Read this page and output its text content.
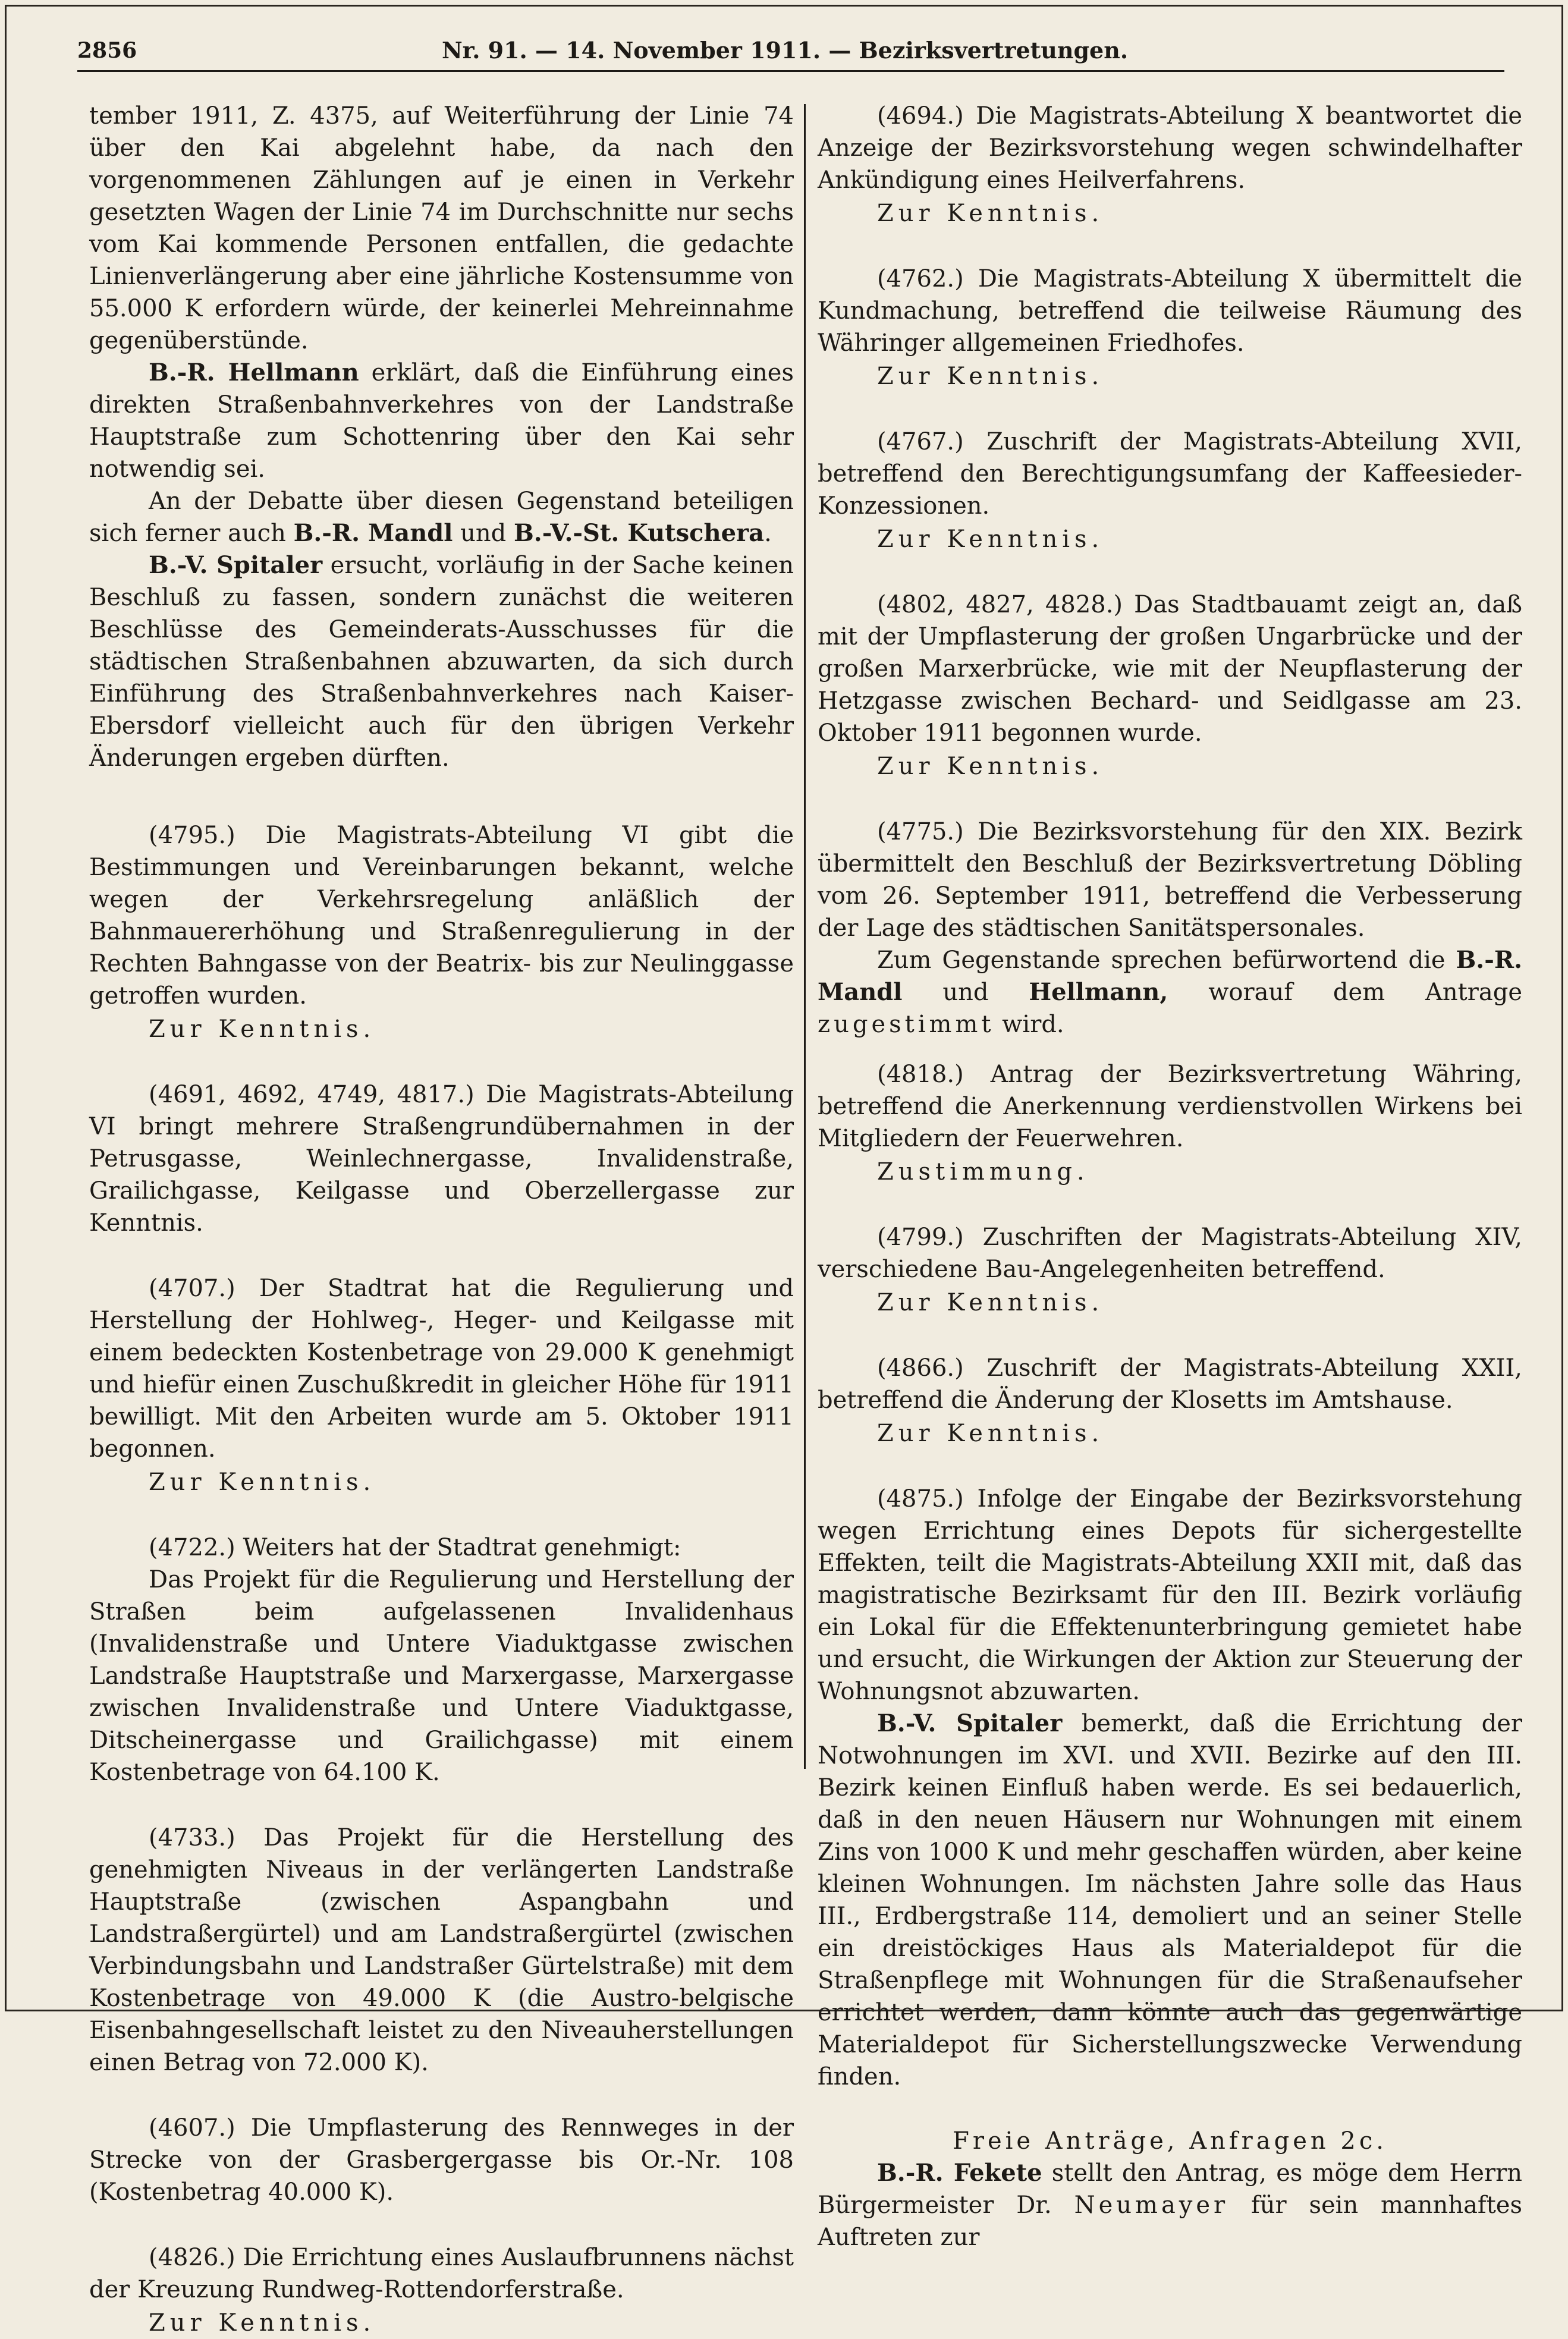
2856	Nr. 91. — 14. November 1911. — Bezirksvertretungen.

tember 1911, Z. 4375, auf Weiterführung der Linie 74 über den Kai abgelehnt habe, da nach den vorgenommenen Zählungen auf je einen in Verkehr gesetzten Wagen der Linie 74 im Durchschnitte nur sechs vom Kai kommende Personen entfallen, die gedachte Linienverlängerung aber eine jährliche Kostensumme von 55.000 K erfordern würde, der keinerlei Mehreinnahme gegenüberstünde.

B.-R. Hellmann erklärt, daß die Einführung eines direkten Straßenbahnverkehres von der Landstraße Hauptstraße zum Schottenring über den Kai sehr notwendig sei.

An der Debatte über diesen Gegenstand beteiligen sich ferner auch B.-R. Mandl und B.-V.-St. Kutschera.

B.-V. Spitaler ersucht, vorläufig in der Sache keinen Beschluß zu fassen, sondern zunächst die weiteren Beschlüsse des Gemeinderats-Ausschusses für die städtischen Straßenbahnen abzuwarten, da sich durch Einführung des Straßenbahnverkehres nach Kaiser-Ebersdorf vielleicht auch für den übrigen Verkehr Änderungen ergeben dürften.

(4795.) Die Magistrats-Abteilung VI gibt die Bestimmungen und Vereinbarungen bekannt, welche wegen der Verkehrsregelung anläßlich der Bahnmauererhöhung und Straßenregulierung in der Rechten Bahngasse von der Beatrix- bis zur Neulinggasse getroffen wurden.

Zur Kenntnis.

(4691, 4692, 4749, 4817.) Die Magistrats-Abteilung VI bringt mehrere Straßengrundübernahmen in der Petrusgasse, Weinlechnergasse, Invalidenstraße, Grailichgasse, Keilgasse und Oberzellergasse zur Kenntnis.

(4707.) Der Stadtrat hat die Regulierung und Herstellung der Hohlweg-, Heger- und Keilgasse mit einem bedeckten Kostenbetrage von 29.000 K genehmigt und hiefür einen Zuschußkredit in gleicher Höhe für 1911 bewilligt. Mit den Arbeiten wurde am 5. Oktober 1911 begonnen.

Zur Kenntnis.

(4722.) Weiters hat der Stadtrat genehmigt:

Das Projekt für die Regulierung und Herstellung der Straßen beim aufgelassenen Invalidenhaus (Invalidenstraße und Untere Viaduktgasse zwischen Landstraße Hauptstraße und Marxergasse, Marxergasse zwischen Invalidenstraße und Untere Viaduktgasse, Ditscheinergasse und Grailichgasse) mit einem Kostenbetrage von 64.100 K.

(4733.) Das Projekt für die Herstellung des genehmigten Niveaus in der verlängerten Landstraße Hauptstraße (zwischen Aspangbahn und Landstraßergürtel) und am Landstraßergürtel (zwischen Verbindungsbahn und Landstraßer Gürtelstraße) mit dem Kostenbetrage von 49.000 K (die Austro-belgische Eisenbahngesellschaft leistet zu den Niveauherstellungen einen Betrag von 72.000 K).

(4607.) Die Umpflasterung des Rennweges in der Strecke von der Grasbergergasse bis Or.-Nr. 108 (Kostenbetrag 40.000 K).

(4826.) Die Errichtung eines Auslaufbrunnens nächst der Kreuzung Rundweg-Rottendorferstraße.

Zur Kenntnis.

(4694.) Die Magistrats-Abteilung X beantwortet die Anzeige der Bezirksvorstehung wegen schwindelhafter Ankündigung eines Heilverfahrens.

Zur Kenntnis.

(4762.) Die Magistrats-Abteilung X übermittelt die Kundmachung, betreffend die teilweise Räumung des Währinger allgemeinen Friedhofes.

Zur Kenntnis.

(4767.) Zuschrift der Magistrats-Abteilung XVII, betreffend den Berechtigungsumfang der Kaffeesieder-Konzessionen.

Zur Kenntnis.

(4802, 4827, 4828.) Das Stadtbauamt zeigt an, daß mit der Umpflasterung der großen Ungarbrücke und der großen Marxerbrücke, wie mit der Neupflasterung der Hetzgasse zwischen Bechard- und Seidlgasse am 23. Oktober 1911 begonnen wurde.

Zur Kenntnis.

(4775.) Die Bezirksvorstehung für den XIX. Bezirk übermittelt den Beschluß der Bezirksvertretung Döbling vom 26. September 1911, betreffend die Verbesserung der Lage des städtischen Sanitätspersonales.

Zum Gegenstande sprechen befürwortend die B.-R. Mandl und Hellmann, worauf dem Antrage zugestimmt wird.

(4818.) Antrag der Bezirksvertretung Währing, betreffend die Anerkennung verdienstvollen Wirkens bei Mitgliedern der Feuerwehren.

Zustimmung.

(4799.) Zuschriften der Magistrats-Abteilung XIV, verschiedene Bau-Angelegenheiten betreffend.

Zur Kenntnis.

(4866.) Zuschrift der Magistrats-Abteilung XXII, betreffend die Änderung der Klosetts im Amtshause.

Zur Kenntnis.

(4875.) Infolge der Eingabe der Bezirksvorstehung wegen Errichtung eines Depots für sichergestellte Effekten, teilt die Magistrats-Abteilung XXII mit, daß das magistratische Bezirksamt für den III. Bezirk vorläufig ein Lokal für die Effektenunterbringung gemietet habe und ersucht, die Wirkungen der Aktion zur Steuerung der Wohnungsnot abzuwarten.

B.-V. Spitaler bemerkt, daß die Errichtung der Notwohnungen im XVI. und XVII. Bezirke auf den III. Bezirk keinen Einfluß haben werde. Es sei bedauerlich, daß in den neuen Häusern nur Wohnungen mit einem Zins von 1000 K und mehr geschaffen würden, aber keine kleinen Wohnungen. Im nächsten Jahre solle das Haus III., Erdbergstraße 114, demoliert und an seiner Stelle ein dreistöckiges Haus als Materialdepot für die Straßenpflege mit Wohnungen für die Straßenaufseher errichtet werden, dann könnte auch das gegenwärtige Materialdepot für Sicherstellungszwecke Verwendung finden.

Freie Anträge, Anfragen 2c.

B.-R. Fekete stellt den Antrag, es möge dem Herrn Bürgermeister Dr. Neumayer für sein mannhaftes Auftreten zur
